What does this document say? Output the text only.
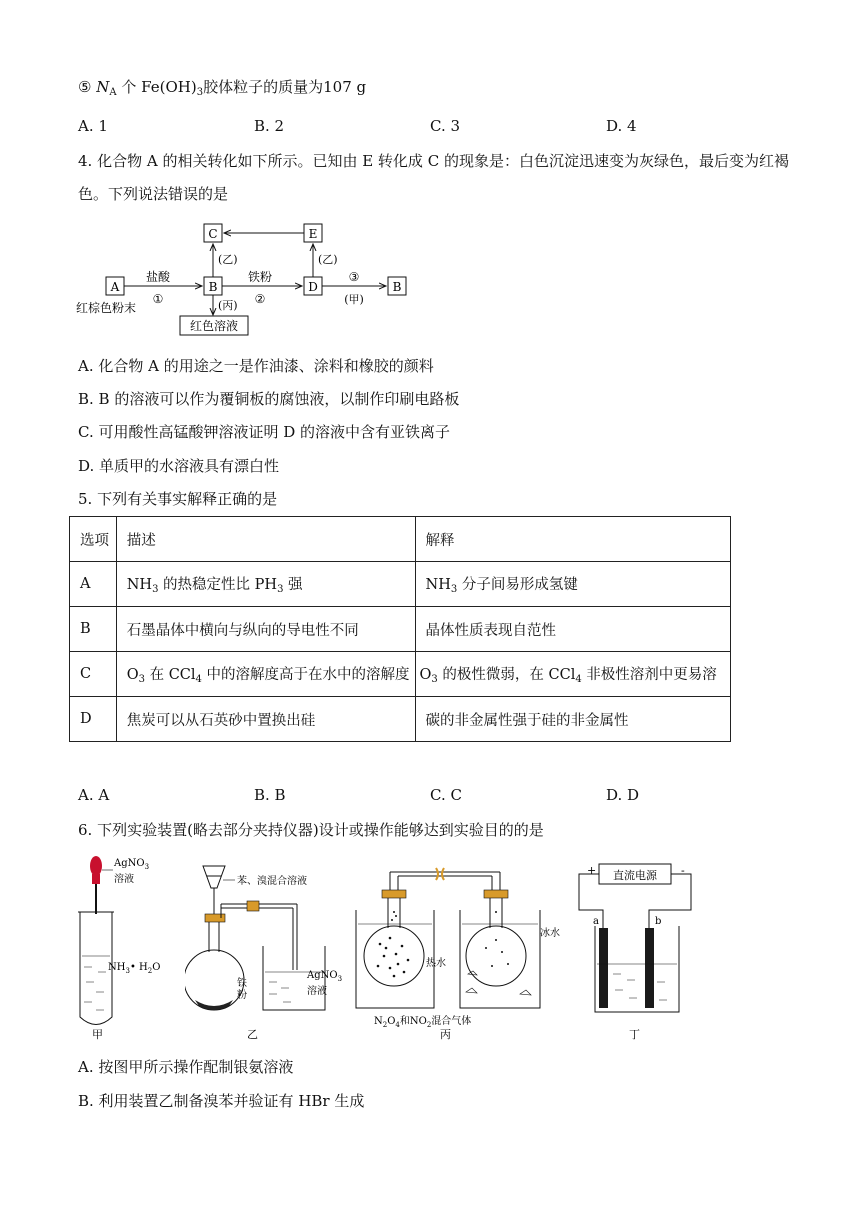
⑤ $N_A$ 个 $Fe(OH)_3$胶体粒子的质量为107 g
A. 1	B. 2	C. 3	D. 4
4. 化合物 A 的相关转化如下所示。已知由 E 转化成 C 的现象是：白色沉淀迅速变为灰绿色，最后变为红褐
色。下列说法错误的是
A
红棕色粉末
盐酸
①
B
C
(乙)
(丙)
红色溶液
铁粉
②
D
(乙)
E
③
(甲)
B
A. 化合物 A 的用途之一是作油漆、涂料和橡胶的颜料
B. B 的溶液可以作为覆铜板的腐蚀液，以制作印刷电路板
C. 可用酸性高锰酸钾溶液证明 D 的溶液中含有亚铁离子
D. 单质甲的水溶液具有漂白性
5. 下列有关事实解释正确的是
选项	描述	解释
A	$NH_3$ 的热稳定性比 $PH_3$ 强	$NH_3$ 分子间易形成氢键
B	石墨晶体中横向与纵向的导电性不同	晶体性质表现自范性
C	$O_3$ 在 CCl$_4$ 中的溶解度高于在水中的溶解度	$O_3$ 的极性微弱，在 CCl$_4$ 非极性溶剂中更易溶
D	焦炭可以从石英砂中置换出硅	碳的非金属性强于硅的非金属性
A. A	B. B	C. C	D. D
6. 下列实验装置(略去部分夹持仪器)设计或操作能够达到实验目的的是
AgNO$_3$
溶液
$NH_3•$ $H_2O$
甲
苯、溴混合溶液
铁
粉
AgNO$_3$
溶液
乙
热水
冰水
$N_2O_4$和$NO_2$混合气体
丙
+	-
直流电源
a	b
丁
A. 按图甲所示操作配制银氨溶液
B. 利用装置乙制备溴苯并验证有 HBr 生成
